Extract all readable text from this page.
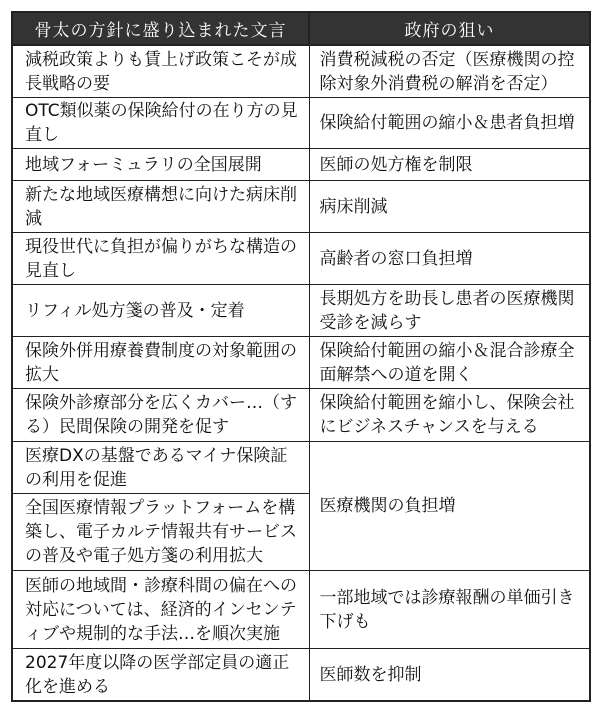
骨太の方針に盛り込まれた文言	政府の狙い
減税政策よりも賃上げ政策こそが成長戦略の要	消費税減税の否定（医療機関の控除対象外消費税の解消を否定）
OTC類似薬の保険給付の在り方の見直し	保険給付範囲の縮小＆患者負担増
地域フォーミュラリの全国展開	医師の処方権を制限
新たな地域医療構想に向けた病床削減	病床削減
現役世代に負担が偏りがちな構造の見直し	高齢者の窓口負担増
リフィル処方箋の普及・定着	長期処方を助長し患者の医療機関受診を減らす
保険外併用療養費制度の対象範囲の拡大	保険給付範囲の縮小＆混合診療全面解禁への道を開く
保険外診療部分を広くカバー…（する）民間保険の開発を促す	保険給付範囲を縮小し、保険会社にビジネスチャンスを与える
医療DXの基盤であるマイナ保険証の利用を促進	医療機関の負担増
全国医療情報プラットフォームを構築し、電子カルテ情報共有サービスの普及や電子処方箋の利用拡大	
医師の地域間・診療科間の偏在への対応については、経済的インセンティブや規制的な手法…を順次実施	一部地域では診療報酬の単価引き下げも
2027年度以降の医学部定員の適正化を進める	医師数を抑制
